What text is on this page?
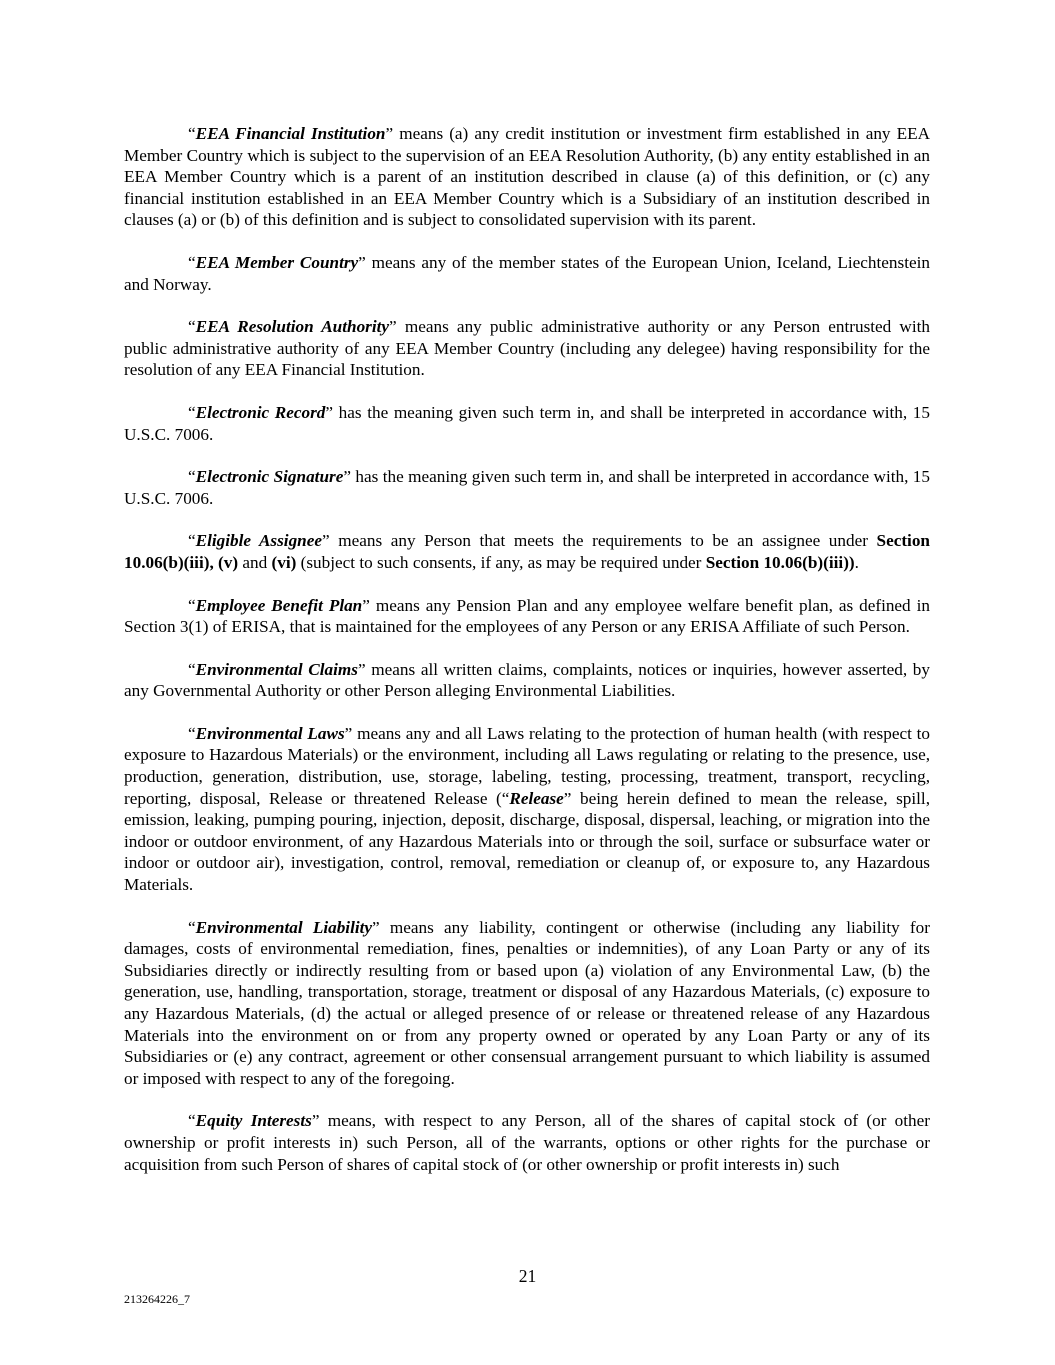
“EEA Financial Institution” means (a) any credit institution or investment firm established in any EEA Member Country which is subject to the supervision of an EEA Resolution Authority, (b) any entity established in an EEA Member Country which is a parent of an institution described in clause (a) of this definition, or (c) any financial institution established in an EEA Member Country which is a Subsidiary of an institution described in clauses (a) or (b) of this definition and is subject to consolidated supervision with its parent.

“EEA Member Country” means any of the member states of the European Union, Iceland, Liechtenstein and Norway.

“EEA Resolution Authority” means any public administrative authority or any Person entrusted with public administrative authority of any EEA Member Country (including any delegee) having responsibility for the resolution of any EEA Financial Institution.

“Electronic Record” has the meaning given such term in, and shall be interpreted in accordance with, 15 U.S.C. 7006.

“Electronic Signature” has the meaning given such term in, and shall be interpreted in accordance with, 15 U.S.C. 7006.

“Eligible Assignee” means any Person that meets the requirements to be an assignee under Section 10.06(b)(iii), (v) and (vi) (subject to such consents, if any, as may be required under Section 10.06(b)(iii)).

“Employee Benefit Plan” means any Pension Plan and any employee welfare benefit plan, as defined in Section 3(1) of ERISA, that is maintained for the employees of any Person or any ERISA Affiliate of such Person.

“Environmental Claims” means all written claims, complaints, notices or inquiries, however asserted, by any Governmental Authority or other Person alleging Environmental Liabilities.

“Environmental Laws” means any and all Laws relating to the protection of human health (with respect to exposure to Hazardous Materials) or the environment, including all Laws regulating or relating to the presence, use, production, generation, distribution, use, storage, labeling, testing, processing, treatment, transport, recycling, reporting, disposal, Release or threatened Release (“Release” being herein defined to mean the release, spill, emission, leaking, pumping pouring, injection, deposit, discharge, disposal, dispersal, leaching, or migration into the indoor or outdoor environment, of any Hazardous Materials into or through the soil, surface or subsurface water or indoor or outdoor air), investigation, control, removal, remediation or cleanup of, or exposure to, any Hazardous Materials.

“Environmental Liability” means any liability, contingent or otherwise (including any liability for damages, costs of environmental remediation, fines, penalties or indemnities), of any Loan Party or any of its Subsidiaries directly or indirectly resulting from or based upon (a) violation of any Environmental Law, (b) the generation, use, handling, transportation, storage, treatment or disposal of any Hazardous Materials, (c) exposure to any Hazardous Materials, (d) the actual or alleged presence of or release or threatened release of any Hazardous Materials into the environment on or from any property owned or operated by any Loan Party or any of its Subsidiaries or (e) any contract, agreement or other consensual arrangement pursuant to which liability is assumed or imposed with respect to any of the foregoing.

“Equity Interests” means, with respect to any Person, all of the shares of capital stock of (or other ownership or profit interests in) such Person, all of the warrants, options or other rights for the purchase or acquisition from such Person of shares of capital stock of (or other ownership or profit interests in) such

21
213264226_7
